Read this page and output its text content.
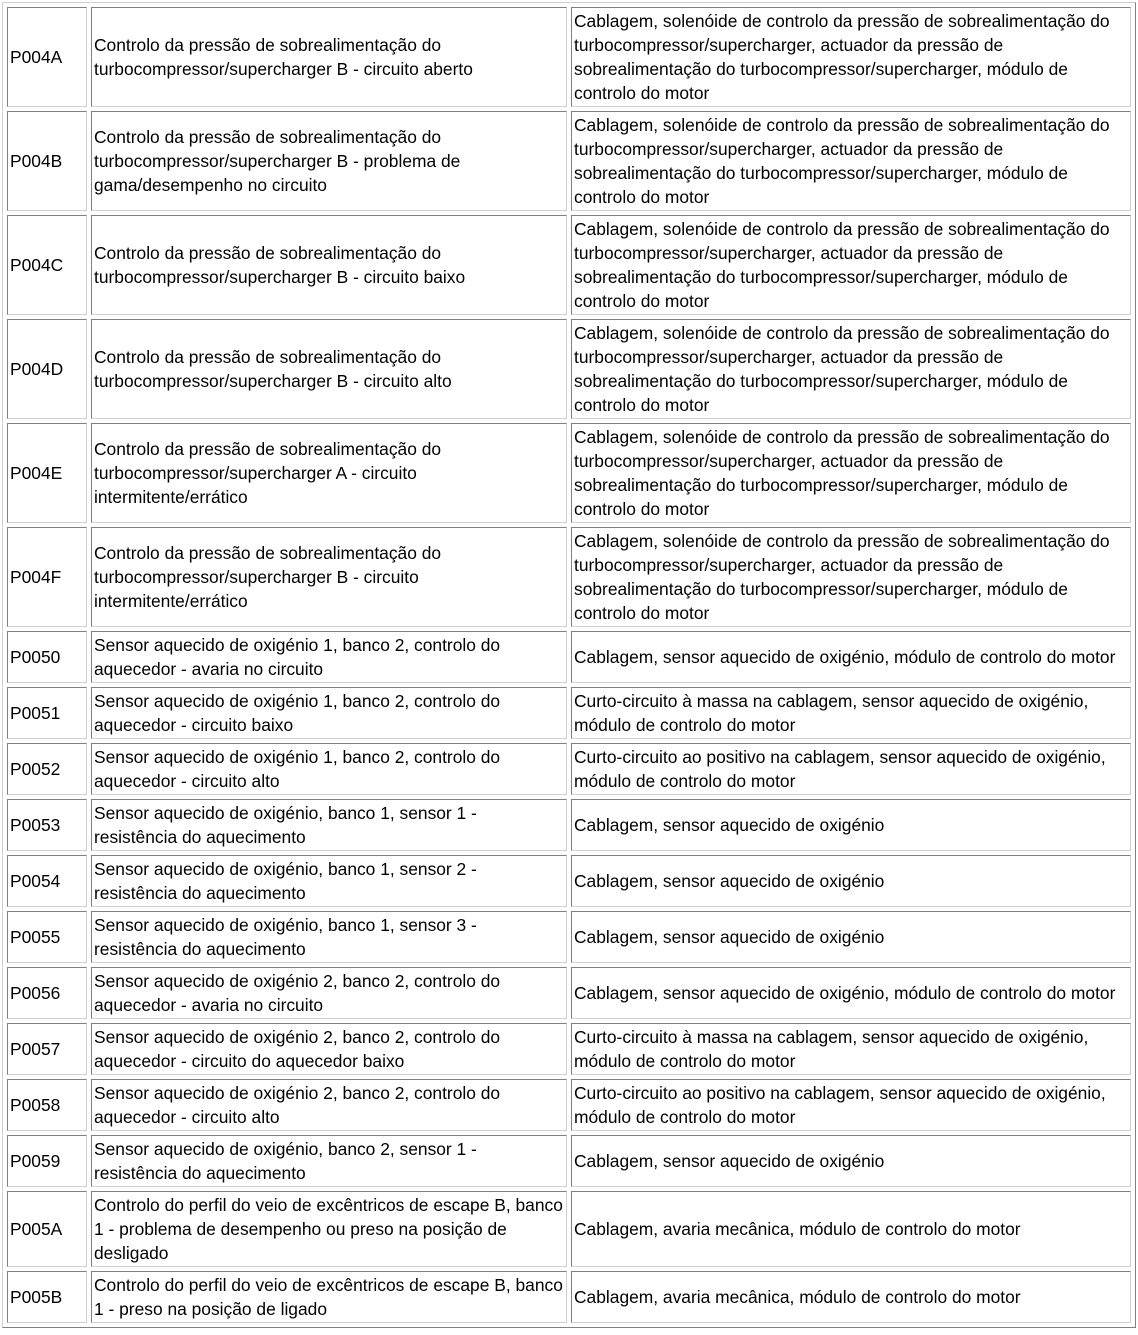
P004A	Controlo da pressão de sobrealimentação do turbocompressor/supercharger B - circuito aberto	Cablagem, solenóide de controlo da pressão de sobrealimentação do turbocompressor/supercharger, actuador da pressão de sobrealimentação do turbocompressor/supercharger, módulo de controlo do motor
P004B	Controlo da pressão de sobrealimentação do turbocompressor/supercharger B - problema de gama/desempenho no circuito	Cablagem, solenóide de controlo da pressão de sobrealimentação do turbocompressor/supercharger, actuador da pressão de sobrealimentação do turbocompressor/supercharger, módulo de controlo do motor
P004C	Controlo da pressão de sobrealimentação do turbocompressor/supercharger B - circuito baixo	Cablagem, solenóide de controlo da pressão de sobrealimentação do turbocompressor/supercharger, actuador da pressão de sobrealimentação do turbocompressor/supercharger, módulo de controlo do motor
P004D	Controlo da pressão de sobrealimentação do turbocompressor/supercharger B - circuito alto	Cablagem, solenóide de controlo da pressão de sobrealimentação do turbocompressor/supercharger, actuador da pressão de sobrealimentação do turbocompressor/supercharger, módulo de controlo do motor
P004E	Controlo da pressão de sobrealimentação do turbocompressor/supercharger A - circuito intermitente/errático	Cablagem, solenóide de controlo da pressão de sobrealimentação do turbocompressor/supercharger, actuador da pressão de sobrealimentação do turbocompressor/supercharger, módulo de controlo do motor
P004F	Controlo da pressão de sobrealimentação do turbocompressor/supercharger B - circuito intermitente/errático	Cablagem, solenóide de controlo da pressão de sobrealimentação do turbocompressor/supercharger, actuador da pressão de sobrealimentação do turbocompressor/supercharger, módulo de controlo do motor
P0050	Sensor aquecido de oxigénio 1, banco 2, controlo do aquecedor - avaria no circuito	Cablagem, sensor aquecido de oxigénio, módulo de controlo do motor
P0051	Sensor aquecido de oxigénio 1, banco 2, controlo do aquecedor - circuito baixo	Curto-circuito à massa na cablagem, sensor aquecido de oxigénio, módulo de controlo do motor
P0052	Sensor aquecido de oxigénio 1, banco 2, controlo do aquecedor - circuito alto	Curto-circuito ao positivo na cablagem, sensor aquecido de oxigénio, módulo de controlo do motor
P0053	Sensor aquecido de oxigénio, banco 1, sensor 1 - resistência do aquecimento	Cablagem, sensor aquecido de oxigénio
P0054	Sensor aquecido de oxigénio, banco 1, sensor 2 - resistência do aquecimento	Cablagem, sensor aquecido de oxigénio
P0055	Sensor aquecido de oxigénio, banco 1, sensor 3 - resistência do aquecimento	Cablagem, sensor aquecido de oxigénio
P0056	Sensor aquecido de oxigénio 2, banco 2, controlo do aquecedor - avaria no circuito	Cablagem, sensor aquecido de oxigénio, módulo de controlo do motor
P0057	Sensor aquecido de oxigénio 2, banco 2, controlo do aquecedor - circuito do aquecedor baixo	Curto-circuito à massa na cablagem, sensor aquecido de oxigénio, módulo de controlo do motor
P0058	Sensor aquecido de oxigénio 2, banco 2, controlo do aquecedor - circuito alto	Curto-circuito ao positivo na cablagem, sensor aquecido de oxigénio, módulo de controlo do motor
P0059	Sensor aquecido de oxigénio, banco 2, sensor 1 - resistência do aquecimento	Cablagem, sensor aquecido de oxigénio
P005A	Controlo do perfil do veio de excêntricos de escape B, banco 1 - problema de desempenho ou preso na posição de desligado	Cablagem, avaria mecânica, módulo de controlo do motor
P005B	Controlo do perfil do veio de excêntricos de escape B, banco 1 - preso na posição de ligado	Cablagem, avaria mecânica, módulo de controlo do motor
